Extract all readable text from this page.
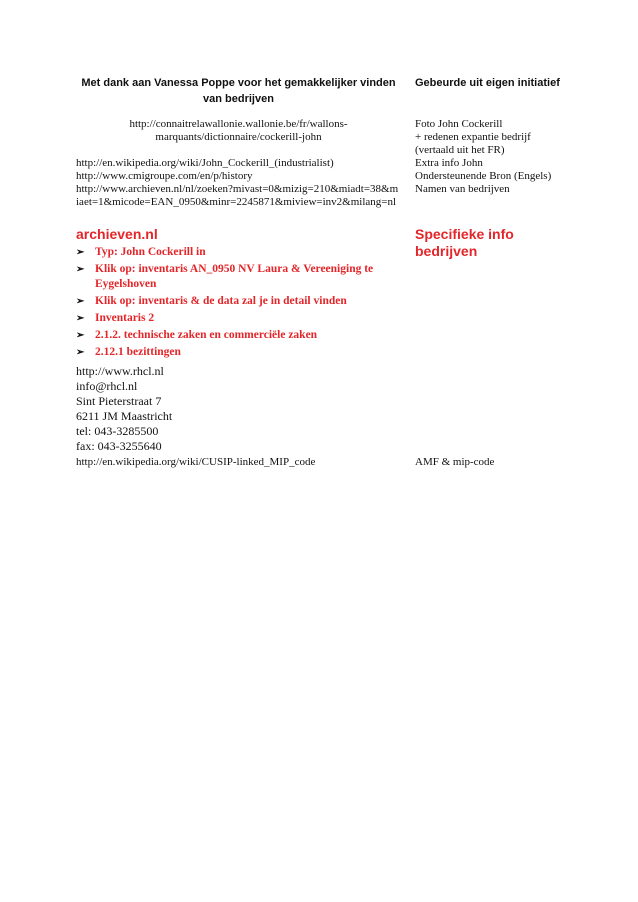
Met dank aan Vanessa Poppe voor het gemakkelijker vinden van bedrijven
Gebeurde uit eigen initiatief
http://connaitrelawallonie.wallonie.be/fr/wallons-marquants/dictionnaire/cockerill-john
Foto John Cockerill
+ redenen expantie bedrijf
(vertaald uit het FR)
http://en.wikipedia.org/wiki/John_Cockerill_(industrialist)
http://www.cmigroupe.com/en/p/history
http://www.archieven.nl/nl/zoeken?mivast=0&mizig=210&miadt=38&miaet=1&micode=EAN_0950&minr=2245871&miview=inv2&milang=nl
Extra info John
Ondersteunende Bron (Engels)
Namen van bedrijven
archieven.nl
➢ Typ: John Cockerill in
➢ Klik op: inventaris AN_0950 NV Laura & Vereeniging te Eygelshoven
➢ Klik op: inventaris & de data zal je in detail vinden
➢ Inventaris 2
➢ 2.1.2. technische zaken en commerciële zaken
➢ 2.12.1 bezittingen
Specifieke info bedrijven
http://www.rhcl.nl
info@rhcl.nl
Sint Pieterstraat 7
6211 JM Maastricht
tel: 043-3285500
fax: 043-3255640
http://en.wikipedia.org/wiki/CUSIP-linked_MIP_code	AMF & mip-code
